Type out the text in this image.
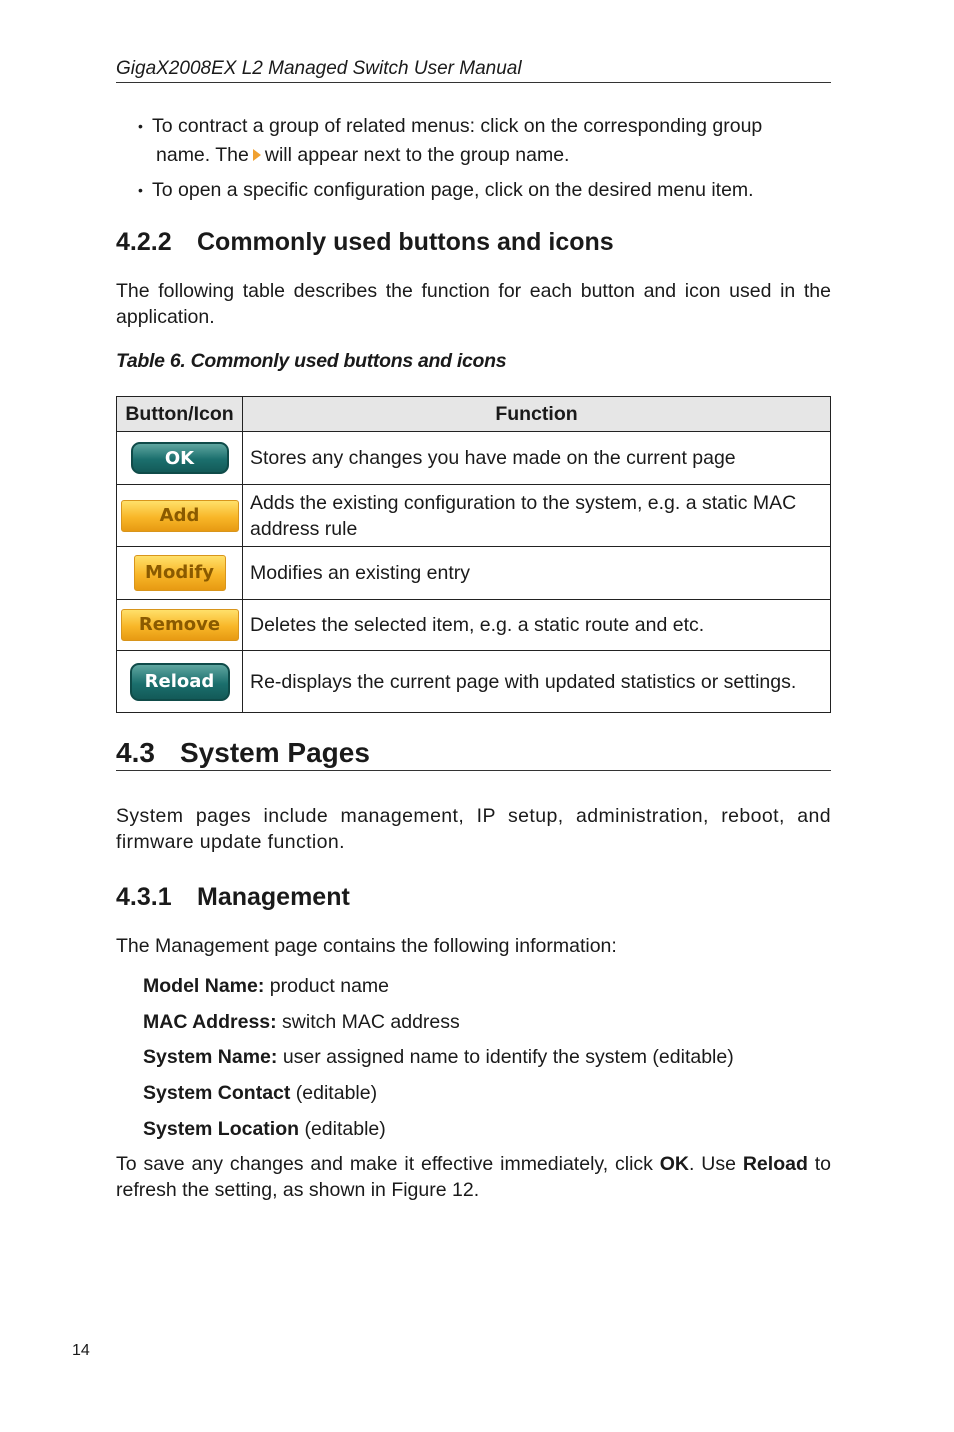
GigaX2008EX L2 Managed Switch User Manual
• To contract a group of related menus: click on the corresponding group
name. The will appear next to the group name.
• To open a specific configuration page, click on the desired menu item.
4.2.2 Commonly used buttons and icons

The following table describes the function for each button and icon used in the application.

Table 6. Commonly used buttons and icons
Button/Icon	Function
OK	Stores any changes you have made on the current page
Add	Adds the existing configuration to the system, e.g. a static MAC address rule
Modify	Modifies an existing entry
Remove	Deletes the selected item, e.g. a static route and etc.
Reload	Re-displays the current page with updated statistics or settings.
4.3 System Pages

System pages include management, IP setup, administration, reboot, and firmware update function.

4.3.1 Management

The Management page contains the following information:

Model Name: product name
MAC Address: switch MAC address
System Name: user assigned name to identify the system (editable)
System Contact (editable)
System Location (editable)

To save any changes and make it effective immediately, click OK. Use Reload to refresh the setting, as shown in Figure 12.

14
